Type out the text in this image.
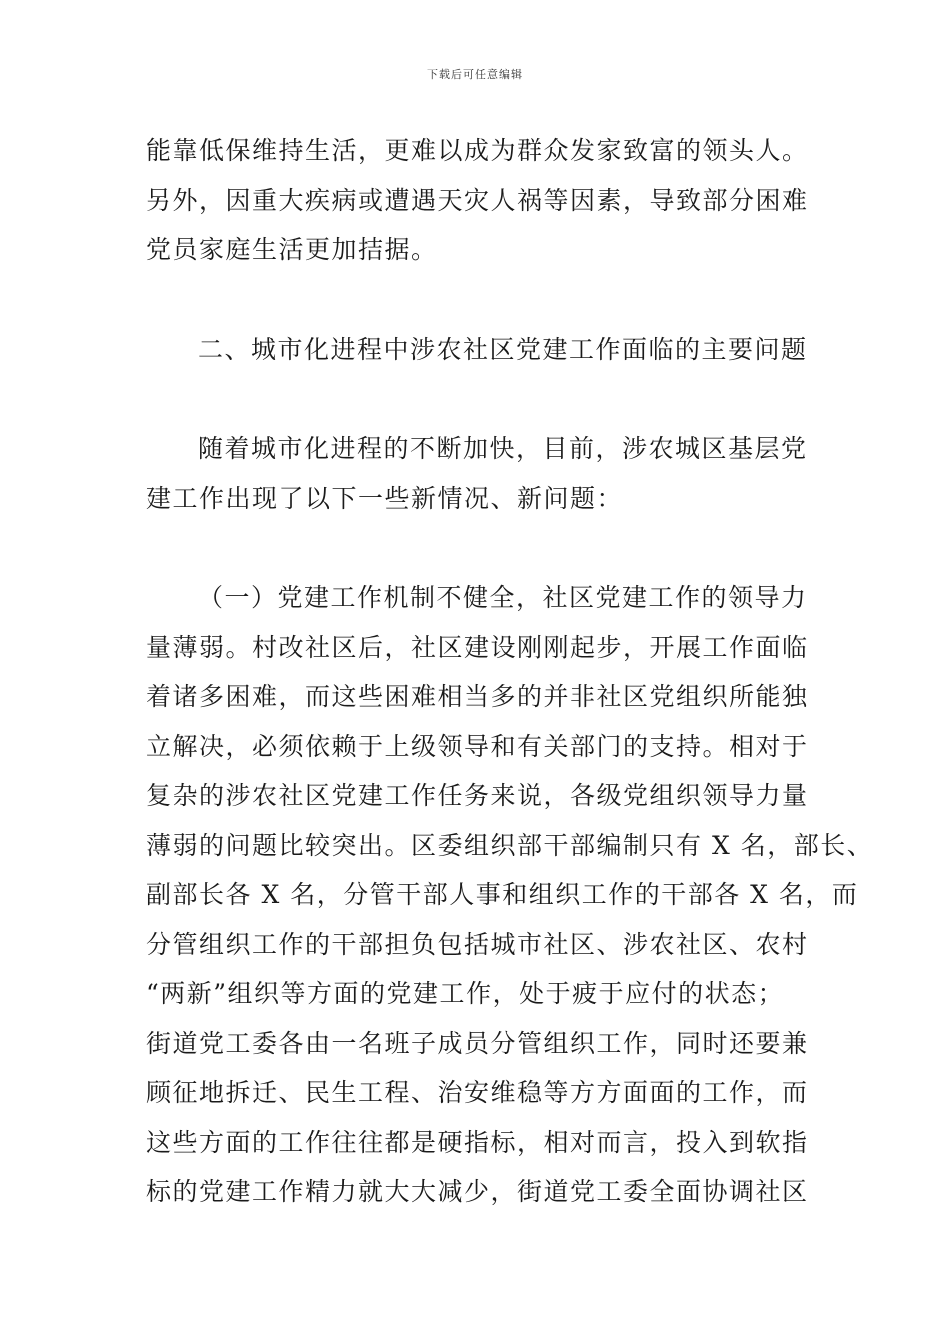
下载后可任意编辑
能靠低保维持生活，更难以成为群众发家致富的领头人。
另外，因重大疾病或遭遇天灾人祸等因素，导致部分困难
党员家庭生活更加拮据。
二、城市化进程中涉农社区党建工作面临的主要问题
随着城市化进程的不断加快，目前，涉农城区基层党
建工作出现了以下一些新情况、新问题：
（一）党建工作机制不健全，社区党建工作的领导力
量薄弱。村改社区后，社区建设刚刚起步，开展工作面临
着诸多困难，而这些困难相当多的并非社区党组织所能独
立解决，必须依赖于上级领导和有关部门的支持。相对于
复杂的涉农社区党建工作任务来说，各级党组织领导力量
薄弱的问题比较突出。区委组织部干部编制只有 X 名，部长、
副部长各 X 名，分管干部人事和组织工作的干部各 X 名，而
分管组织工作的干部担负包括城市社区、涉农社区、农村
“两新”组织等方面的党建工作，处于疲于应付的状态；
街道党工委各由一名班子成员分管组织工作，同时还要兼
顾征地拆迁、民生工程、治安维稳等方方面面的工作，而
这些方面的工作往往都是硬指标，相对而言，投入到软指
标的党建工作精力就大大减少，街道党工委全面协调社区
